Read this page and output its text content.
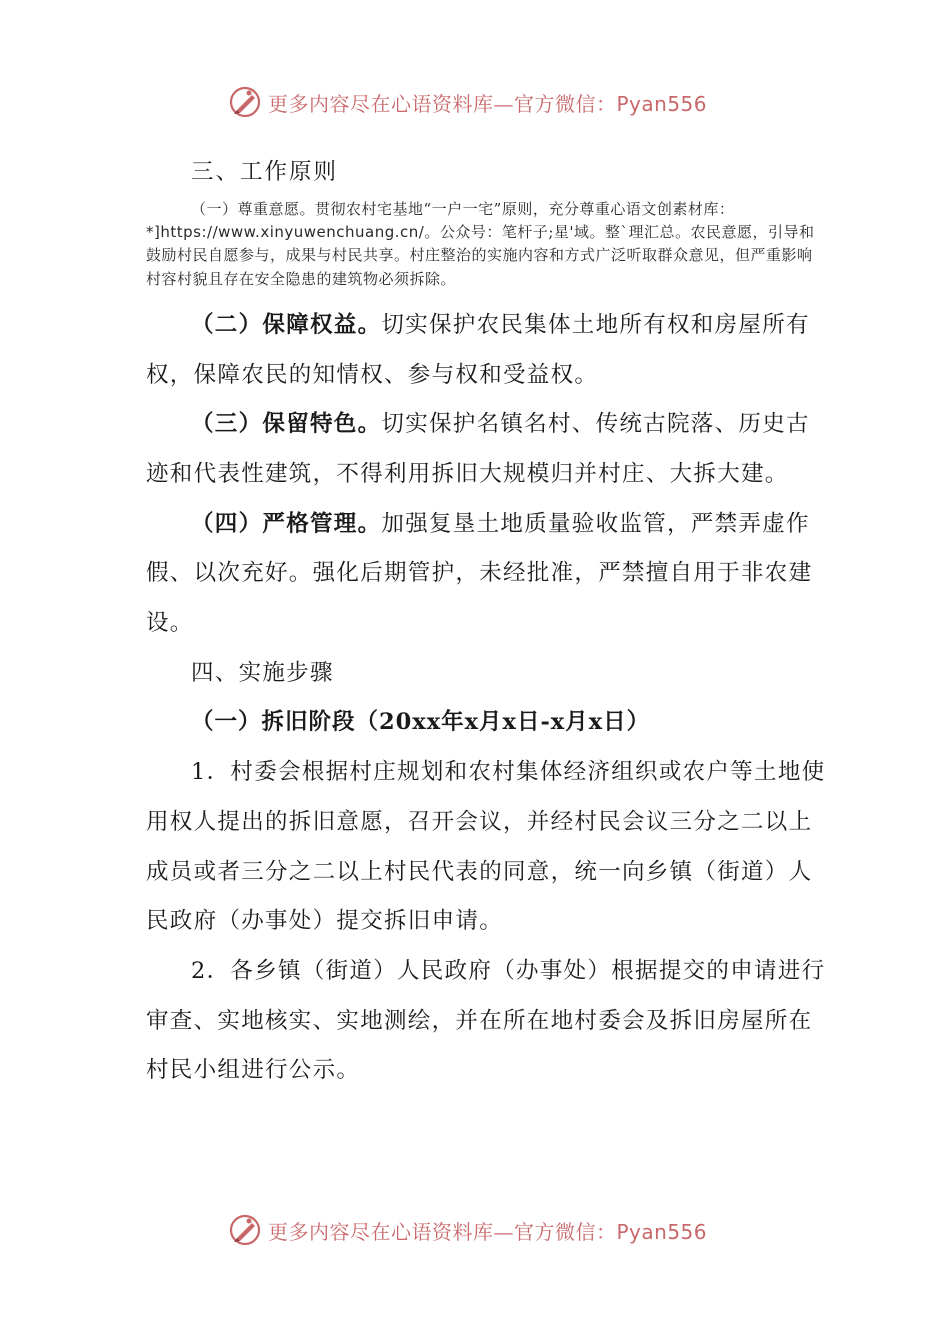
更多内容尽在心语资料库—官方微信：Pyan556

三、工作原则

（一）尊重意愿。贯彻农村宅基地“一户一宅”原则，充分尊重心语文创素材库：*]https://www.xinyuwenchuang.cn/。公众号：笔杆子;星'域。整`理汇总。农民意愿，引导和鼓励村民自愿参与，成果与村民共享。村庄整治的实施内容和方式广泛听取群众意见，但严重影响村容村貌且存在安全隐患的建筑物必须拆除。

（二）保障权益。切实保护农民集体土地所有权和房屋所有权，保障农民的知情权、参与权和受益权。

（三）保留特色。切实保护名镇名村、传统古院落、历史古迹和代表性建筑，不得利用拆旧大规模归并村庄、大拆大建。

（四）严格管理。加强复垦土地质量验收监管，严禁弄虚作假、以次充好。强化后期管护，未经批准，严禁擅自用于非农建设。

四、实施步骤

（一）拆旧阶段（20xx年x月x日-x月x日）

1．村委会根据村庄规划和农村集体经济组织或农户等土地使用权人提出的拆旧意愿，召开会议，并经村民会议三分之二以上成员或者三分之二以上村民代表的同意，统一向乡镇（街道）人民政府（办事处）提交拆旧申请。

2．各乡镇（街道）人民政府（办事处）根据提交的申请进行审查、实地核实、实地测绘，并在所在地村委会及拆旧房屋所在村民小组进行公示。

更多内容尽在心语资料库—官方微信：Pyan556
